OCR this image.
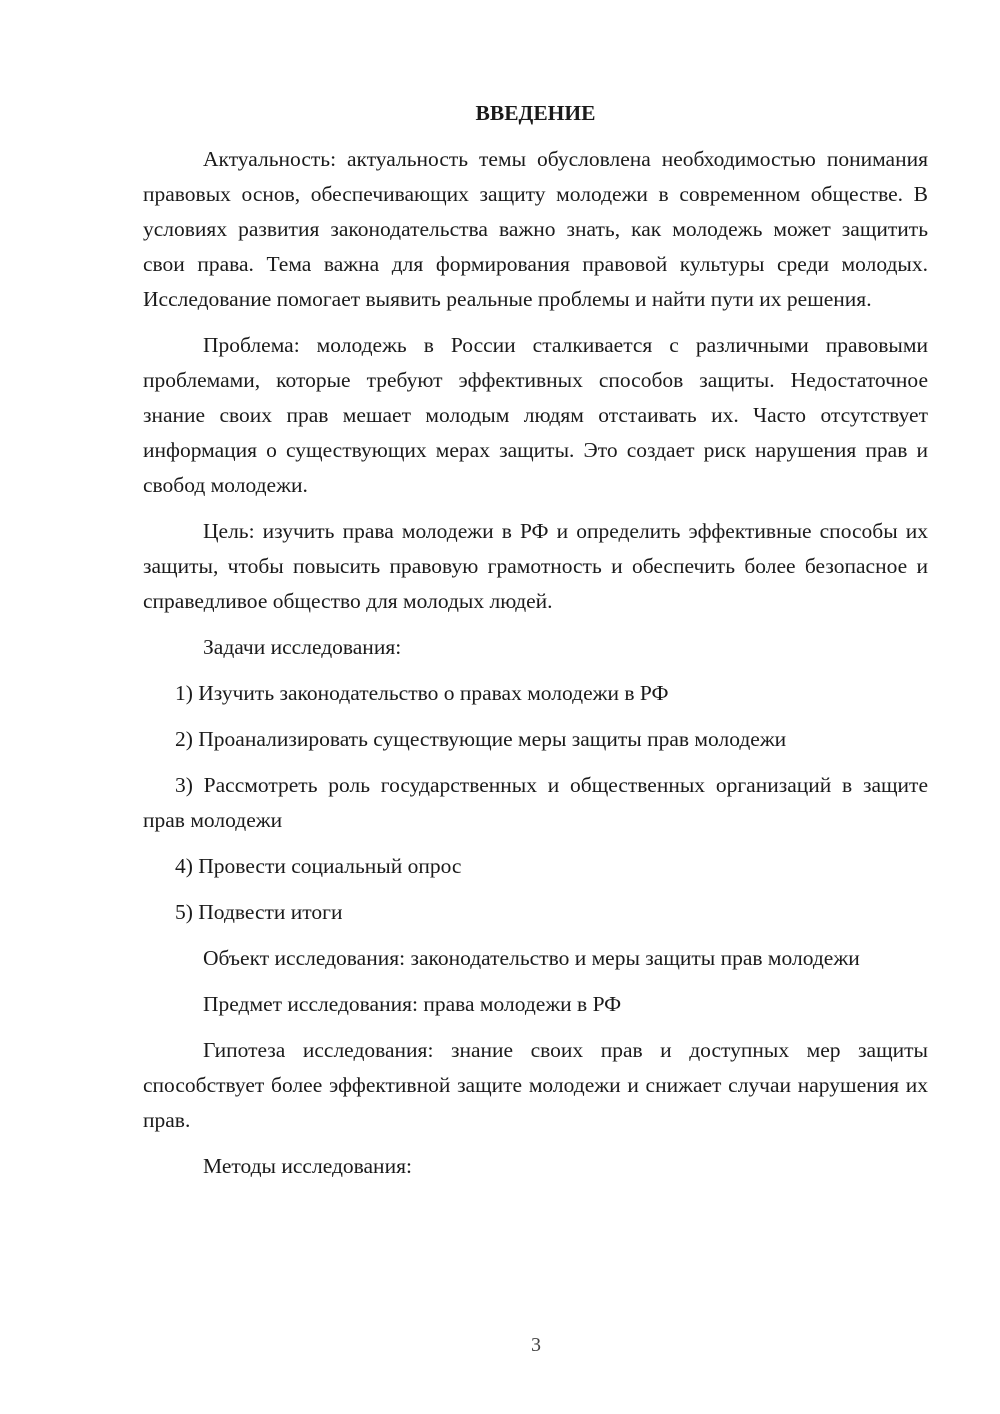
ВВЕДЕНИЕ
Актуальность: актуальность темы обусловлена необходимостью понимания правовых основ, обеспечивающих защиту молодежи в современном обществе. В условиях развития законодательства важно знать, как молодежь может защитить свои права. Тема важна для формирования правовой культуры среди молодых. Исследование помогает выявить реальные проблемы и найти пути их решения.
Проблема: молодежь в России сталкивается с различными правовыми проблемами, которые требуют эффективных способов защиты. Недостаточное знание своих прав мешает молодым людям отстаивать их. Часто отсутствует информация о существующих мерах защиты. Это создает риск нарушения прав и свобод молодежи.
Цель: изучить права молодежи в РФ и определить эффективные способы их защиты, чтобы повысить правовую грамотность и обеспечить более безопасное и справедливое общество для молодых людей.
Задачи исследования:
1) Изучить законодательство о правах молодежи в РФ
2) Проанализировать существующие меры защиты прав молодежи
3) Рассмотреть роль государственных и общественных организаций в защите прав молодежи
4) Провести социальный опрос
5) Подвести итоги
Объект исследования: законодательство и меры защиты прав молодежи
Предмет исследования: права молодежи в РФ
Гипотеза исследования: знание своих прав и доступных мер защиты способствует более эффективной защите молодежи и снижает случаи нарушения их прав.
Методы исследования:
3
